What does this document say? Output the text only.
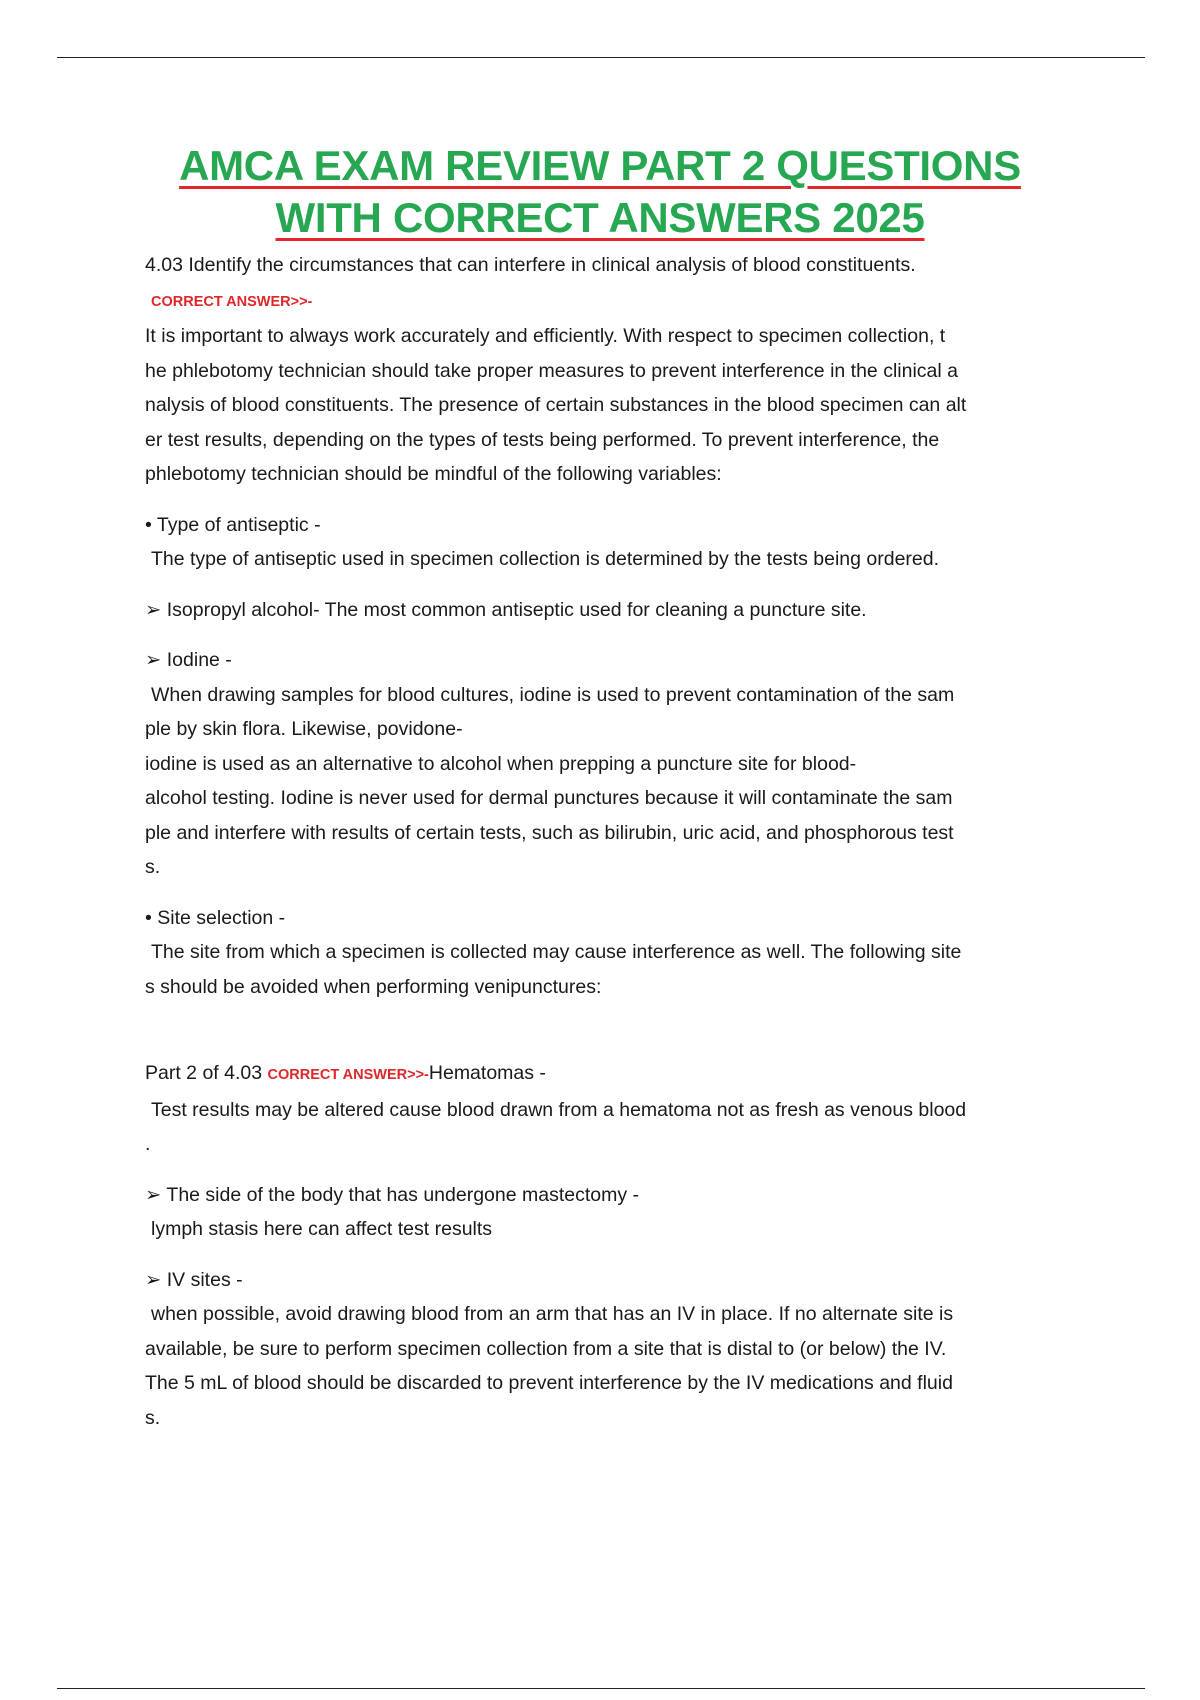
AMCA EXAM REVIEW PART 2 QUESTIONS
WITH CORRECT ANSWERS 2025

4.03 Identify the circumstances that can interfere in clinical analysis of blood constituents.

CORRECT ANSWER>>-

It is important to always work accurately and efficiently. With respect to specimen collection, t

he phlebotomy technician should take proper measures to prevent interference in the clinical a

nalysis of blood constituents. The presence of certain substances in the blood specimen can alt

er test results, depending on the types of tests being performed. To prevent interference, the

phlebotomy technician should be mindful of the following variables:

• Type of antiseptic -

The type of antiseptic used in specimen collection is determined by the tests being ordered.

➢ Isopropyl alcohol- The most common antiseptic used for cleaning a puncture site.

➢ Iodine -

When drawing samples for blood cultures, iodine is used to prevent contamination of the sam

ple by skin flora. Likewise, povidone-

iodine is used as an alternative to alcohol when prepping a puncture site for blood-

alcohol testing. Iodine is never used for dermal punctures because it will contaminate the sam

ple and interfere with results of certain tests, such as bilirubin, uric acid, and phosphorous test

s.

• Site selection -

The site from which a specimen is collected may cause interference as well. The following site

s should be avoided when performing venipunctures:

Part 2 of 4.03 CORRECT ANSWER>>-Hematomas -

Test results may be altered cause blood drawn from a hematoma not as fresh as venous blood

.

➢ The side of the body that has undergone mastectomy -

lymph stasis here can affect test results

➢ IV sites -

when possible, avoid drawing blood from an arm that has an IV in place. If no alternate site is

available, be sure to perform specimen collection from a site that is distal to (or below) the IV.

The 5 mL of blood should be discarded to prevent interference by the IV medications and fluid

s.
